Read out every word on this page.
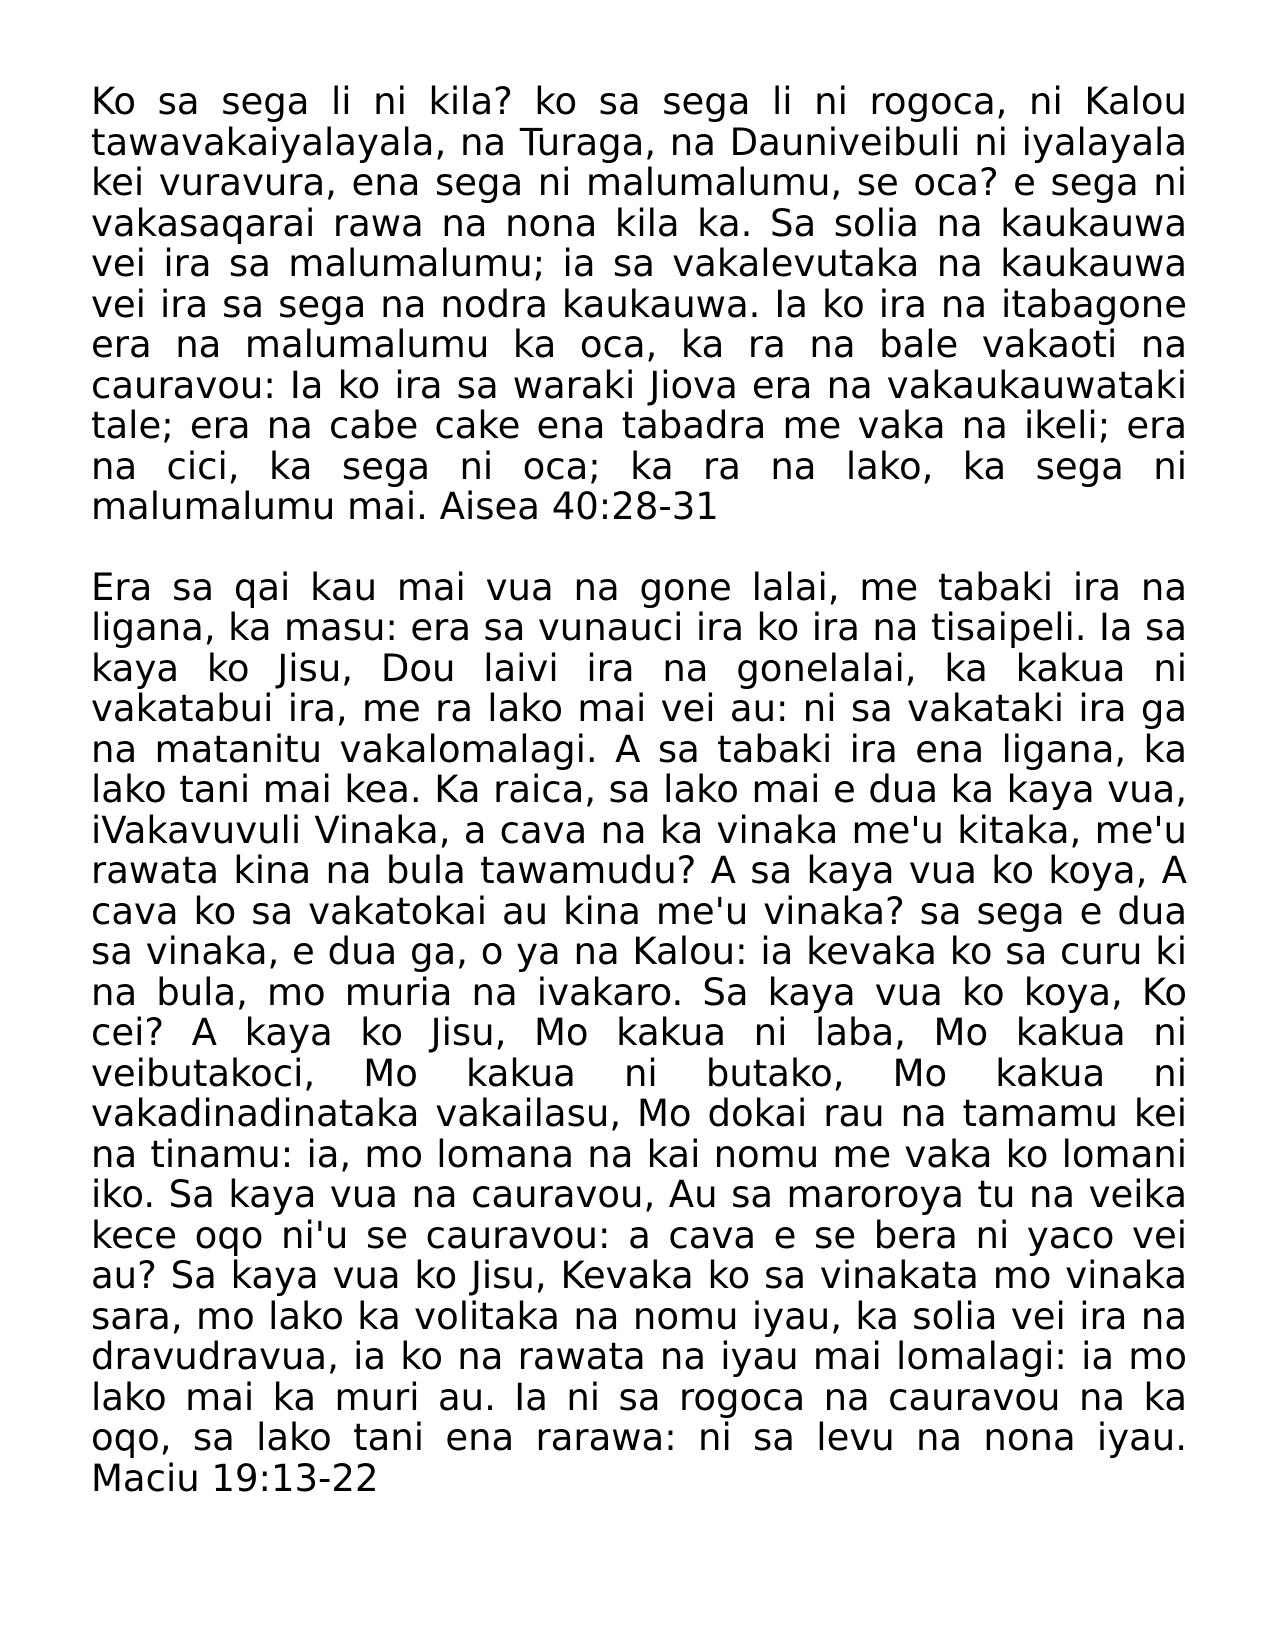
Ko sa sega li ni kila? ko sa sega li ni rogoca, ni Kalou tawavakaiyalayala, na Turaga, na Dauniveibuli ni iyalayala kei vuravura, ena sega ni malumalumu, se oca? e sega ni vakasaqarai rawa na nona kila ka. Sa solia na kaukauwa vei ira sa malumalumu; ia sa vakalevutaka na kaukauwa vei ira sa sega na nodra kaukauwa. Ia ko ira na itabagone era na malumalumu ka oca, ka ra na bale vakaoti na cauravou: Ia ko ira sa waraki Jiova era na vakaukauwataki tale; era na cabe cake ena tabadra me vaka na ikeli; era na cici, ka sega ni oca; ka ra na lako, ka sega ni malumalumu mai. Aisea 40:28-31

Era sa qai kau mai vua na gone lalai, me tabaki ira na ligana, ka masu: era sa vunauci ira ko ira na tisaipeli. Ia sa kaya ko Jisu, Dou laivi ira na gonelalai, ka kakua ni vakatabui ira, me ra lako mai vei au: ni sa vakataki ira ga na matanitu vakalomalagi. A sa tabaki ira ena ligana, ka lako tani mai kea. Ka raica, sa lako mai e dua ka kaya vua, iVakavuvuli Vinaka, a cava na ka vinaka me'u kitaka, me'u rawata kina na bula tawamudu? A sa kaya vua ko koya, A cava ko sa vakatokai au kina me'u vinaka? sa sega e dua sa vinaka, e dua ga, o ya na Kalou: ia kevaka ko sa curu ki na bula, mo muria na ivakaro. Sa kaya vua ko koya, Ko cei? A kaya ko Jisu, Mo kakua ni laba, Mo kakua ni veibutakoci, Mo kakua ni butako, Mo kakua ni vakadinadinataka vakailasu, Mo dokai rau na tamamu kei na tinamu: ia, mo lomana na kai nomu me vaka ko lomani iko. Sa kaya vua na cauravou, Au sa maroroya tu na veika kece oqo ni'u se cauravou: a cava e se bera ni yaco vei au? Sa kaya vua ko Jisu, Kevaka ko sa vinakata mo vinaka sara, mo lako ka volitaka na nomu iyau, ka solia vei ira na dravudravua, ia ko na rawata na iyau mai lomalagi: ia mo lako mai ka muri au. Ia ni sa rogoca na cauravou na ka oqo, sa lako tani ena rarawa: ni sa levu na nona iyau. Maciu 19:13-22
